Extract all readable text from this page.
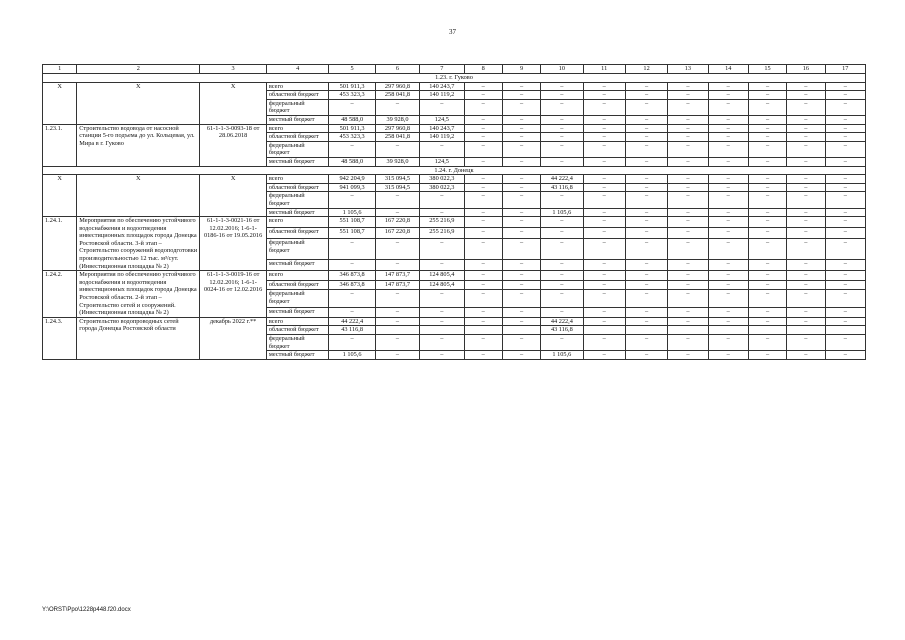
37
1	2	3	4	5	6	7	8	9	10	11	12	13	14	15	16	17
1.23. г. Гуково																
Х	Х	Х	всего	501 911,3	297 960,8	140 243,7	–	–	–	–	–	–	–	–	–	–
			областной бюджет	453 323,3	258 041,8	140 119,2	–	–	–	–	–	–	–	–	–	–
			федеральный бюджет	–	–	–	–	–	–	–	–	–	–	–	–	–
			местный бюджет	48 588,0	39 928,0	124,5	–	–	–	–	–	–	–	–	–	–
1.23.1.	Строительство водовода от насосной станции 5-го подъема до ул. Кольцевая, ул. Мира в г. Гуково	61-1-1-3-0093-18 от 28.06.2018	всего	501 911,3	297 960,8	140 243,7	–	–	–	–	–	–	–	–	–	–
			областной бюджет	453 323,3	258 041,8	140 119,2	–	–	–	–	–	–	–	–	–	–
			федеральный бюджет	–	–	–	–	–	–	–	–	–	–	–	–	–
			местный бюджет	48 588,0	39 928,0	124,5	–	–	–	–	–	–	–	–	–	–
1.24. г. Донецк																
Х	Х	Х	всего	942 204,9	315 094,5	380 022,3	–	–	44 222,4	–	–	–	–	–	–	–
			областной бюджет	941 099,3	315 094,5	380 022,3	–	–	43 116,8	–	–	–	–	–	–	–
			федеральный бюджет	–	–	–	–	–	–	–	–	–	–	–	–	–
			местный бюджет	1 105,6	–	–	–	–	1 105,6	–	–	–	–	–	–	–
1.24.1.	Мероприятия по обеспечению устойчивого водоснабжения и водоотведения инвестиционных площадок города Донецка Ростовской области. 3-й этап – Строительство сооружений водоподготовки производительностью 12 тыс. м³/сут. (Инвестиционная площадка № 2)	61-1-1-3-0021-16 от 12.02.2016; 1-6-1-0186-16 от 19.05.2016	всего	551 108,7	167 220,8	255 216,9	–	–	–	–	–	–	–	–	–	–
			областной бюджет	551 108,7	167 220,8	255 216,9	–	–	–	–	–	–	–	–	–	–
			федеральный бюджет	–	–	–	–	–	–	–	–	–	–	–	–	–
			местный бюджет	–	–	–	–	–	–	–	–	–	–	–	–	–
1.24.2.	Мероприятия по обеспечению устойчивого водоснабжения и водоотведения инвестиционных площадок города Донецка Ростовской области. 2-й этап – Строительство сетей и сооружений. (Инвестиционная площадка № 2)	61-1-1-3-0019-16 от 12.02.2016; 1-6-1-0024-16 от 12.02.2016	всего	346 873,8	147 873,7	124 805,4	–	–	–	–	–	–	–	–	–	–
			областной бюджет	346 873,8	147 873,7	124 805,4	–	–	–	–	–	–	–	–	–	–
			федеральный бюджет	–	–	–	–	–	–	–	–	–	–	–	–	–
			местный бюджет	–	–	–	–	–	–	–	–	–	–	–	–	–
1.24.3.	Строительство водопроводных сетей города Донецка Ростовской области	декабрь 2022 г.**	всего	44 222,4	–	–	–	–	44 222,4	–	–	–	–	–	–	–
			областной бюджет	43 116,8					43 116,8							
			федеральный бюджет	–	–	–	–	–	–	–	–	–	–	–	–	–
			местный бюджет	1 105,6	–	–	–	–	1 105,6	–	–	–	–	–	–	–
Y:\ORST\Ppo\1228p448.f20.docx
